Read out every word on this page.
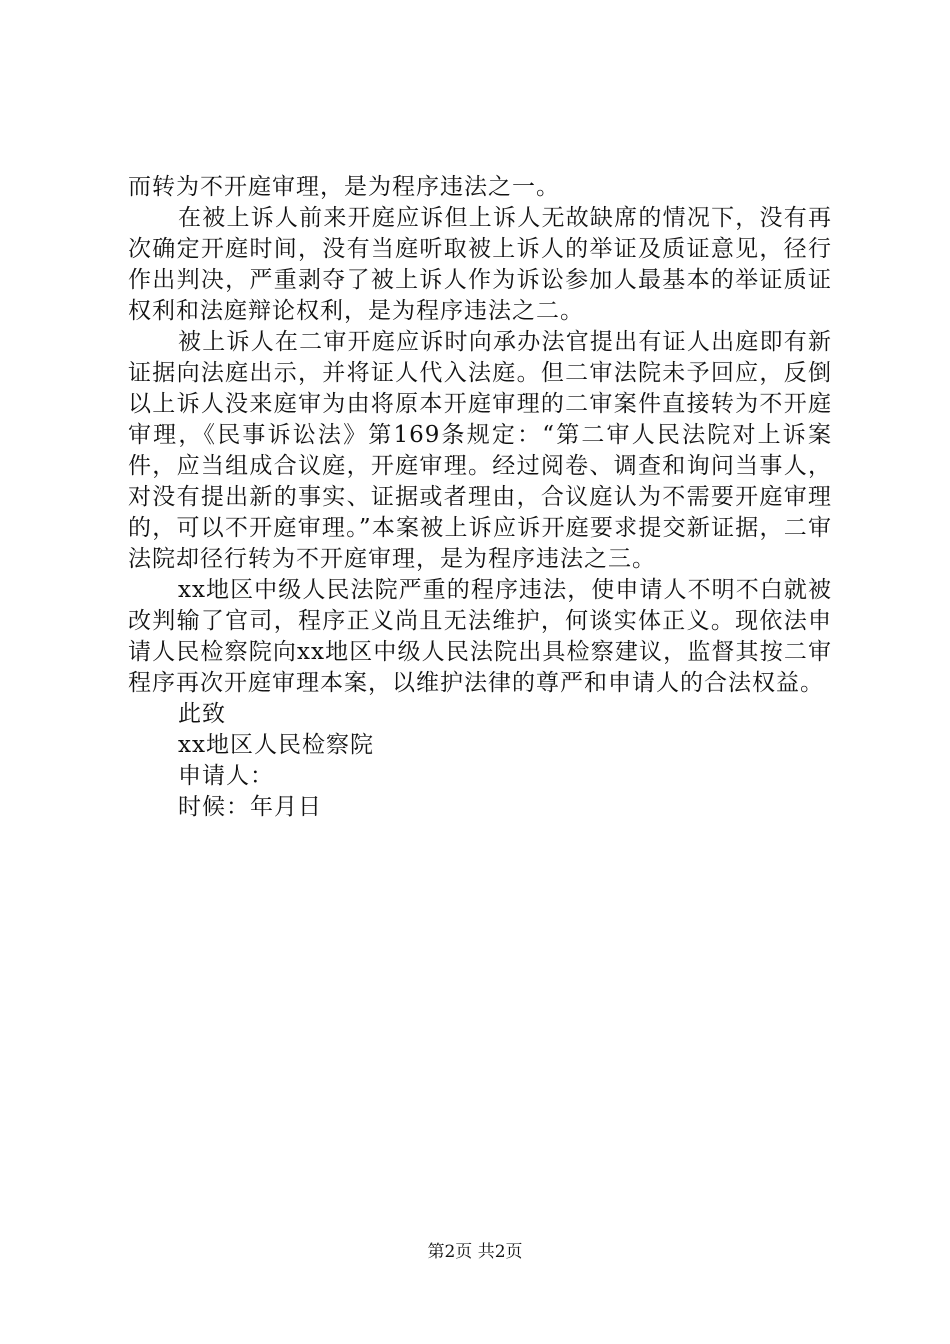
而转为不开庭审理，是为程序违法之一。

在被上诉人前来开庭应诉但上诉人无故缺席的情况下，没有再次确定开庭时间，没有当庭听取被上诉人的举证及质证意见，径行作出判决，严重剥夺了被上诉人作为诉讼参加人最基本的举证质证权利和法庭辩论权利，是为程序违法之二。

被上诉人在二审开庭应诉时向承办法官提出有证人出庭即有新证据向法庭出示，并将证人代入法庭。但二审法院未予回应，反倒以上诉人没来庭审为由将原本开庭审理的二审案件直接转为不开庭审理，《民事诉讼法》第169条规定：“第二审人民法院对上诉案件，应当组成合议庭，开庭审理。经过阅卷、调查和询问当事人，对没有提出新的事实、证据或者理由，合议庭认为不需要开庭审理的，可以不开庭审理。”本案被上诉应诉开庭要求提交新证据，二审法院却径行转为不开庭审理，是为程序违法之三。

xx地区中级人民法院严重的程序违法，使申请人不明不白就被改判输了官司，程序正义尚且无法维护，何谈实体正义。现依法申请人民检察院向xx地区中级人民法院出具检察建议，监督其按二审程序再次开庭审理本案，以维护法律的尊严和申请人的合法权益。

此致

xx地区人民检察院

申请人：

时候：年月日

第2页 共2页
